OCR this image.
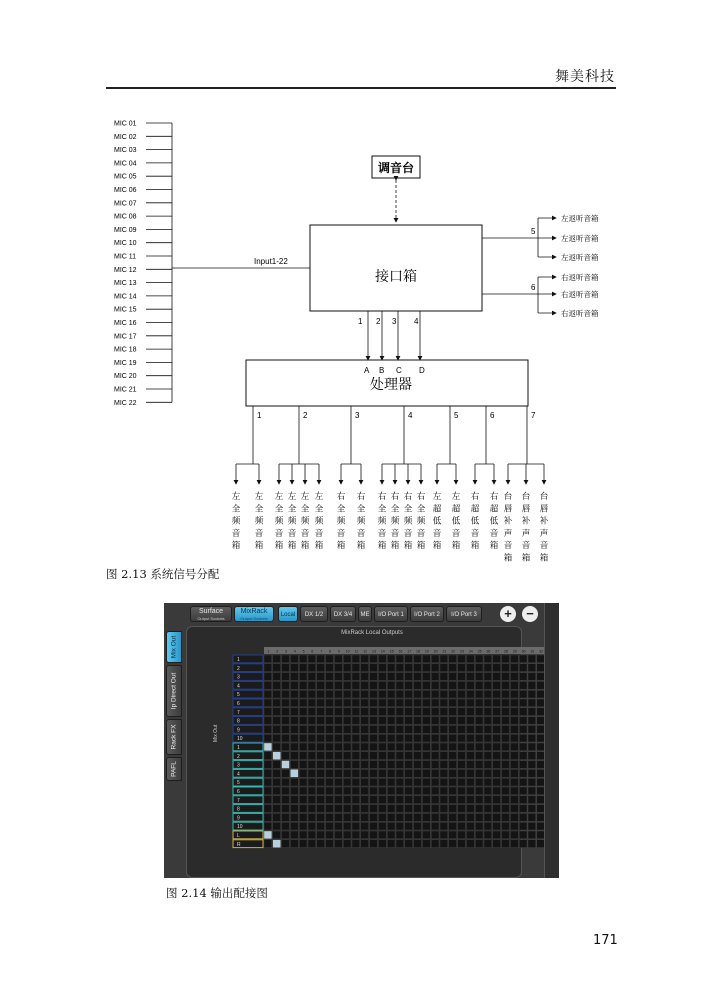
舞美科技
MIC 01
MIC 02
MIC 03
MIC 04
MIC 05
MIC 06
MIC 07
MIC 08
MIC 09
MIC 10
MIC 11
MIC 12
MIC 13
MIC 14
MIC 15
MIC 16
MIC 17
MIC 18
MIC 19
MIC 20
MIC 21
MIC 22
Input1-22
调音台
接口箱
处理器
1
A
2
B
3
C
4
D
5
左返听音箱
左返听音箱
左返听音箱
6
右返听音箱
右返听音箱
右返听音箱
1
左全频音箱
左全频音箱
2
左全频音箱
左全频音箱
左全频音箱
左全频音箱
3
右全频音箱
右全频音箱
4
右全频音箱
右全频音箱
右全频音箱
右全频音箱
5
左超低音箱
左超低音箱
6
右超低音箱
右超低音箱
7
台唇补声音箱
台唇补声音箱
台唇补声音箱
图 2.13 系统信号分配
Surface
Output Sockets
MixRack
Output Sockets
Local	DX 1/2	DX 3/4	ME	I/O Port 1	I/O Port 2	I/O Port 3	+	−
Mix Out
Ip Direct Out
Rack FX
PAFL
MixRack Local Outputs
Mix Out
1 2 3 4 5 6 7 8 9 10 11 12 13 14 15 16 17 18 19 20 21 22 23 24 25 26 27 28 29 30 31 32
1
2
3
4
5
6
7
8
9
10
1
2
3
4
5
6
7
8
9
10
L
R
图 2.14 输出配接图
171
